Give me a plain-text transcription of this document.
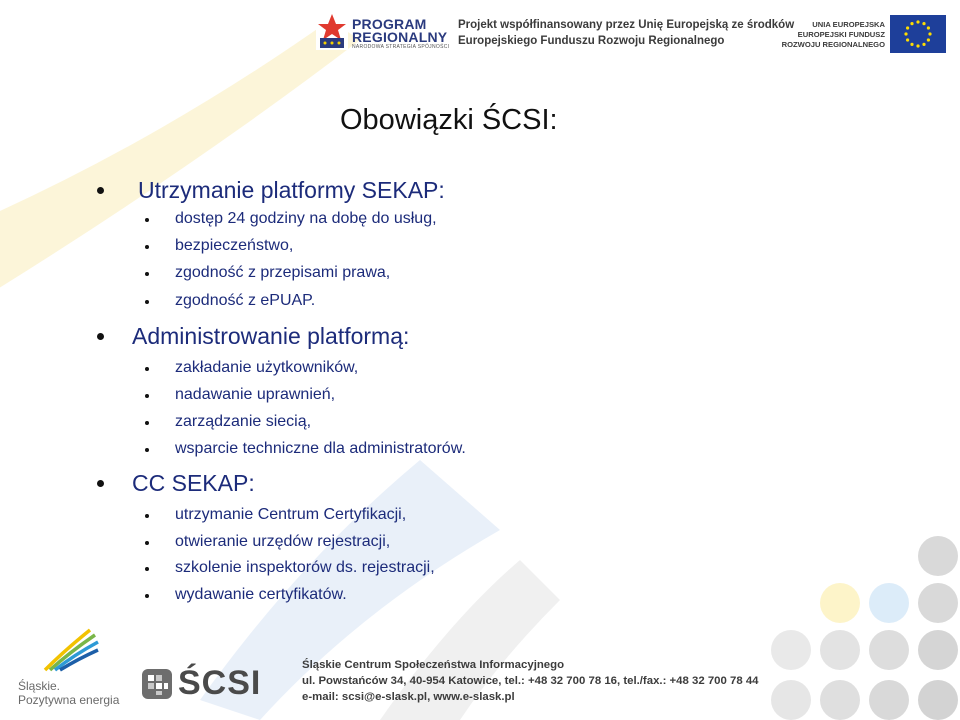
PROGRAM
REGIONALNY
NARODOWA STRATEGIA SPÓJNOŚCI
Projekt współfinansowany przez Unię Europejską ze środków
Europejskiego Funduszu Rozwoju Regionalnego
UNIA EUROPEJSKA
EUROPEJSKI FUNDUSZ
ROZWOJU REGIONALNEGO
Obowiązki ŚCSI:
Utrzymanie platformy SEKAP:
dostęp 24 godziny na dobę do usług,
bezpieczeństwo,
zgodność z przepisami prawa,
zgodność z ePUAP.
Administrowanie platformą:
zakładanie użytkowników,
nadawanie uprawnień,
zarządzanie siecią,
wsparcie techniczne dla administratorów.
CC SEKAP:
utrzymanie Centrum Certyfikacji,
otwieranie urzędów rejestracji,
szkolenie inspektorów ds. rejestracji,
wydawanie certyfikatów.
Śląskie.
Pozytywna energia ŚCSI	Śląskie Centrum Społeczeństwa Informacyjnego
ul. Powstańców 34, 40-954 Katowice, tel.: +48 32 700 78 16, tel./fax.: +48 32 700 78 44
e-mail: scsi@e-slask.pl, www.e-slask.pl
